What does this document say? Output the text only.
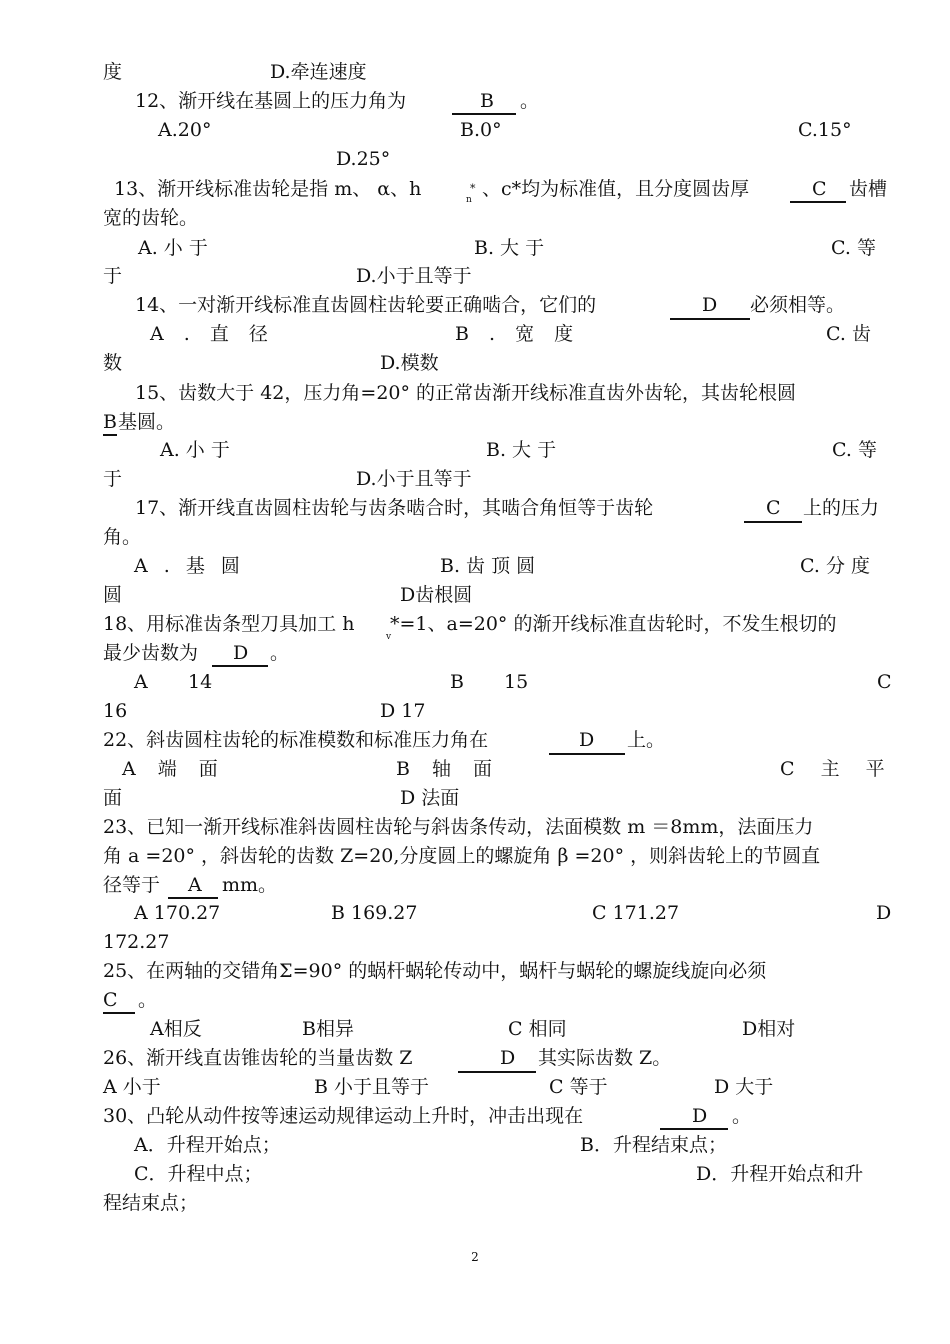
度	D.牵连速度
12、渐开线在基圆上的压力角为	B 。
A.20°	B.0°	C.15°
D.25°
13、渐开线标准齿轮是指 m、 α、h	n
* 、c*均为标准值，且分度圆齿厚	C 齿槽
宽的齿轮。
A. 小 于	B. 大 于	C. 等
于	D.小于且等于
14、一对渐开线标准直齿圆柱齿轮要正确啮合，它们的	D 必须相等。
A . 直 径	B . 宽 度	C. 齿
数	D.模数
15、齿数大于 42，压力角=20° 的正常齿渐开线标准直齿外齿轮，其齿轮根圆
B 基圆。
A. 小 于	B. 大 于	C. 等
于	D.小于且等于
17、渐开线直齿圆柱齿轮与齿条啮合时，其啮合角恒等于齿轮	C 上的压力
角。
A . 基 圆	B. 齿 顶 圆	C. 分 度
圆	D齿根圆
18、用标准齿条型刀具加工 h
v
*=1、a=20° 的渐开线标准直齿轮时，不发生根切的
最少齿数为 D 。
A 14	B 15	C
16	D 17
22、斜齿圆柱齿轮的标准模数和标准压力角在	D 上。
A 端 面	B 轴 面	C 主 平
面	D 法面
23、已知一渐开线标准斜齿圆柱齿轮与斜齿条传动，法面模数 m ＝8mm，法面压力
角 a =20° ，斜齿轮的齿数 Z=20,分度圆上的螺旋角 β =20° ，则斜齿轮上的节圆直
径等于 A mm。
A 170.27	B 169.27	C 171.27	D
172.27
25、在两轴的交错角Σ=90° 的蜗杆蜗轮传动中，蜗杆与蜗轮的螺旋线旋向必须
C 。
A相反	B相异	C 相同	D相对
26、渐开线直齿锥齿轮的当量齿数 Z	D 其实际齿数 Z。
A 小于	B 小于且等于	C 等于	D 大于
30、凸轮从动件按等速运动规律运动上升时，冲击出现在	D 。
A．升程开始点；	B．升程结束点；
C．升程中点；	D．升程开始点和升
程结束点；
2
